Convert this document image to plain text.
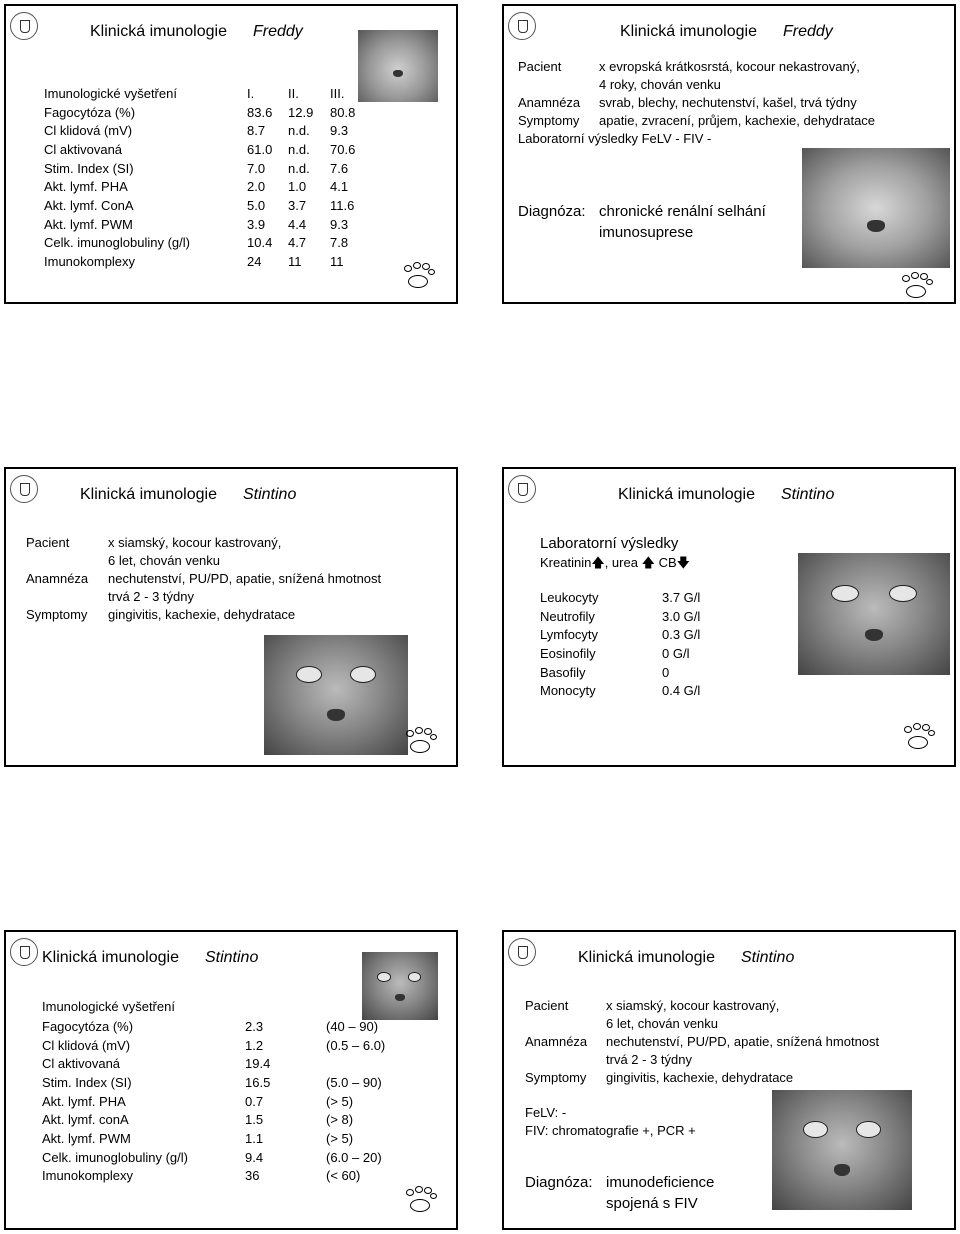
Klinická imunologie Freddy
Imunologické vyšetření	I.	II.	III.
Fagocytóza (%)	83.6	12.9	80.8
Cl klidová (mV)	8.7	n.d.	9.3
Cl aktivovaná	61.0	n.d.	70.6
Stim. Index (SI)	7.0	n.d.	7.6
Akt. lymf. PHA	2.0	1.0	4.1
Akt. lymf. ConA	5.0	3.7	11.6
Akt. lymf. PWM	3.9	4.4	9.3
Celk. imunoglobuliny (g/l)	10.4	4.7	7.8
Imunokomplexy	24	11	11
Klinická imunologie Freddy
Pacient	x evropská krátkosrstá, kocour nekastrovaný,
4 roky, chován venku
Anamnéza svrab, blechy, nechutenství, kašel, trvá týdny
Symptomy apatie, zvracení, průjem, kachexie, dehydratace
Laboratorní výsledky FeLV - FIV -
Diagnóza: chronické renální selhání
imunosuprese
Klinická imunologie Stintino
Pacient	x siamský, kocour kastrovaný,
6 let, chován venku
Anamnéza nechutenství, PU/PD, apatie, snížená hmotnost
trvá 2 - 3 týdny
Symptomy gingivitis, kachexie, dehydratace
Klinická imunologie Stintino
Laboratorní výsledky
Kreatinin🡅, urea 🡅 CB🡇
Leukocyty	3.7 G/l
Neutrofily	3.0 G/l
Lymfocyty	0.3 G/l
Eosinofily	0 G/l
Basofily	0
Monocyty	0.4 G/l
Klinická imunologie Stintino
Imunologické vyšetření
Fagocytóza (%)	2.3	(40 – 90)
Cl klidová (mV)	1.2	(0.5 – 6.0)
Cl aktivovaná	19.4	
Stim. Index (SI)	16.5	(5.0 – 90)
Akt. lymf. PHA	0.7	(> 5)
Akt. lymf. conA	1.5	(> 8)
Akt. lymf. PWM	1.1	(> 5)
Celk. imunoglobuliny (g/l)	9.4	(6.0 – 20)
Imunokomplexy	36	(< 60)
Klinická imunologie Stintino
Pacient	x siamský, kocour kastrovaný,
6 let, chován venku
Anamnéza nechutenství, PU/PD, apatie, snížená hmotnost
trvá 2 - 3 týdny
Symptomy gingivitis, kachexie, dehydratace
FeLV: -
FIV: chromatografie +, PCR +
Diagnóza: imunodeficience
spojená s FIV
